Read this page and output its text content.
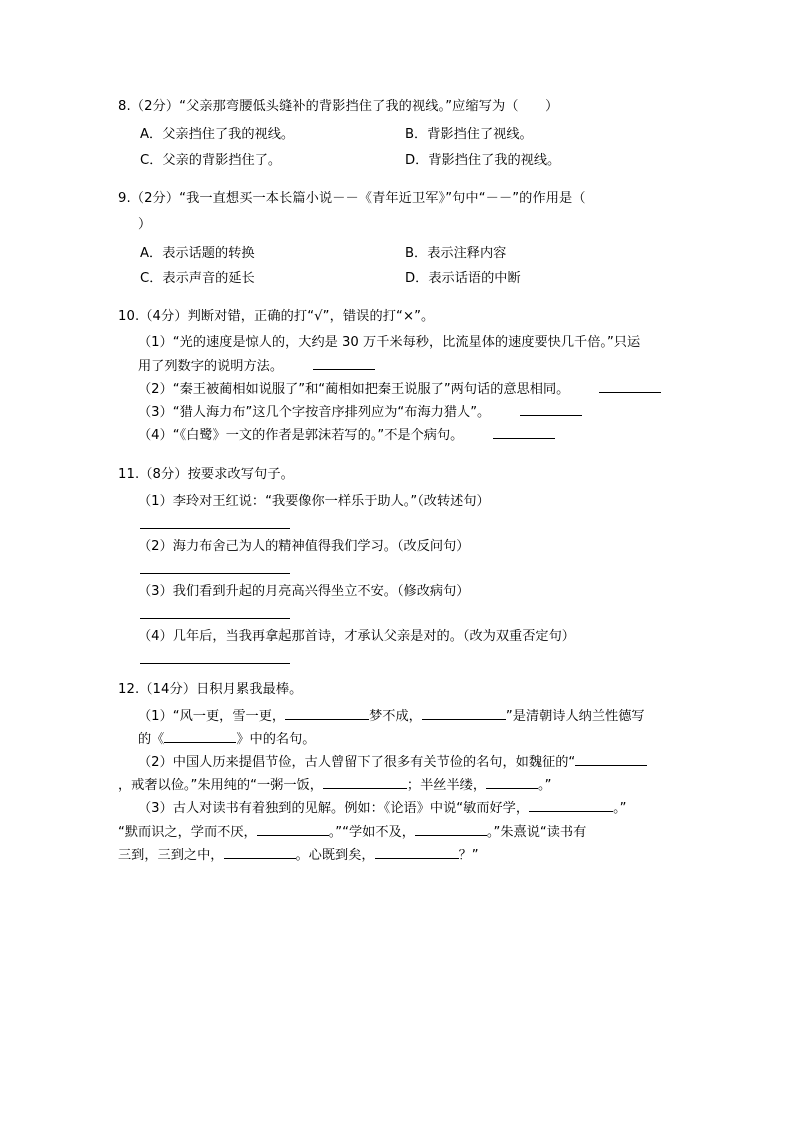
8.（2分）“父亲那弯腰低头缝补的背影挡住了我的视线。”应缩写为（　　）
A．父亲挡住了我的视线。	B．背影挡住了视线。
C．父亲的背影挡住了。	D．背影挡住了我的视线。
9.（2分）“我一直想买一本长篇小说－－《青年近卫军》”句中“－－”的作用是（
）
A．表示话题的转换	B．表示注释内容
C．表示声音的延长	D．表示话语的中断
10.（4分）判断对错，正确的打“√”，错误的打“×”。
（1）“光的速度是惊人的，大约是 30 万千米每秒，比流星体的速度要快几千倍。”只运
用了列数字的说明方法。
（2）“秦王被蔺相如说服了”和“蔺相如把秦王说服了”两句话的意思相同。
（3）“猎人海力布”这几个字按音序排列应为“布海力猎人”。
（4）“《白鹭》一文的作者是郭沫若写的。”不是个病句。
11.（8分）按要求改写句子。
（1）李玲对王红说：“我要像你一样乐于助人。”（改转述句）
（2）海力布舍己为人的精神值得我们学习。（改反问句）
（3）我们看到升起的月亮高兴得坐立不安。（修改病句）
（4）几年后，当我再拿起那首诗，才承认父亲是对的。（改为双重否定句）
12.（14分）日积月累我最棒。
（1）“风一更，雪一更，	梦不成，	”是清朝诗人纳兰性德写
的《	》中的名句。
（2）中国人历来提倡节俭，古人曾留下了很多有关节俭的名句，如魏征的“
，戒奢以俭。”朱用纯的“一粥一饭，	；半丝半缕，	。”
（3）古人对读书有着独到的见解。例如：《论语》中说“敏而好学，	。”
“默而识之，学而不厌，	。”“学如不及，	。”朱熹说“读书有
三到，三到之中，	。心既到矣，	？”
